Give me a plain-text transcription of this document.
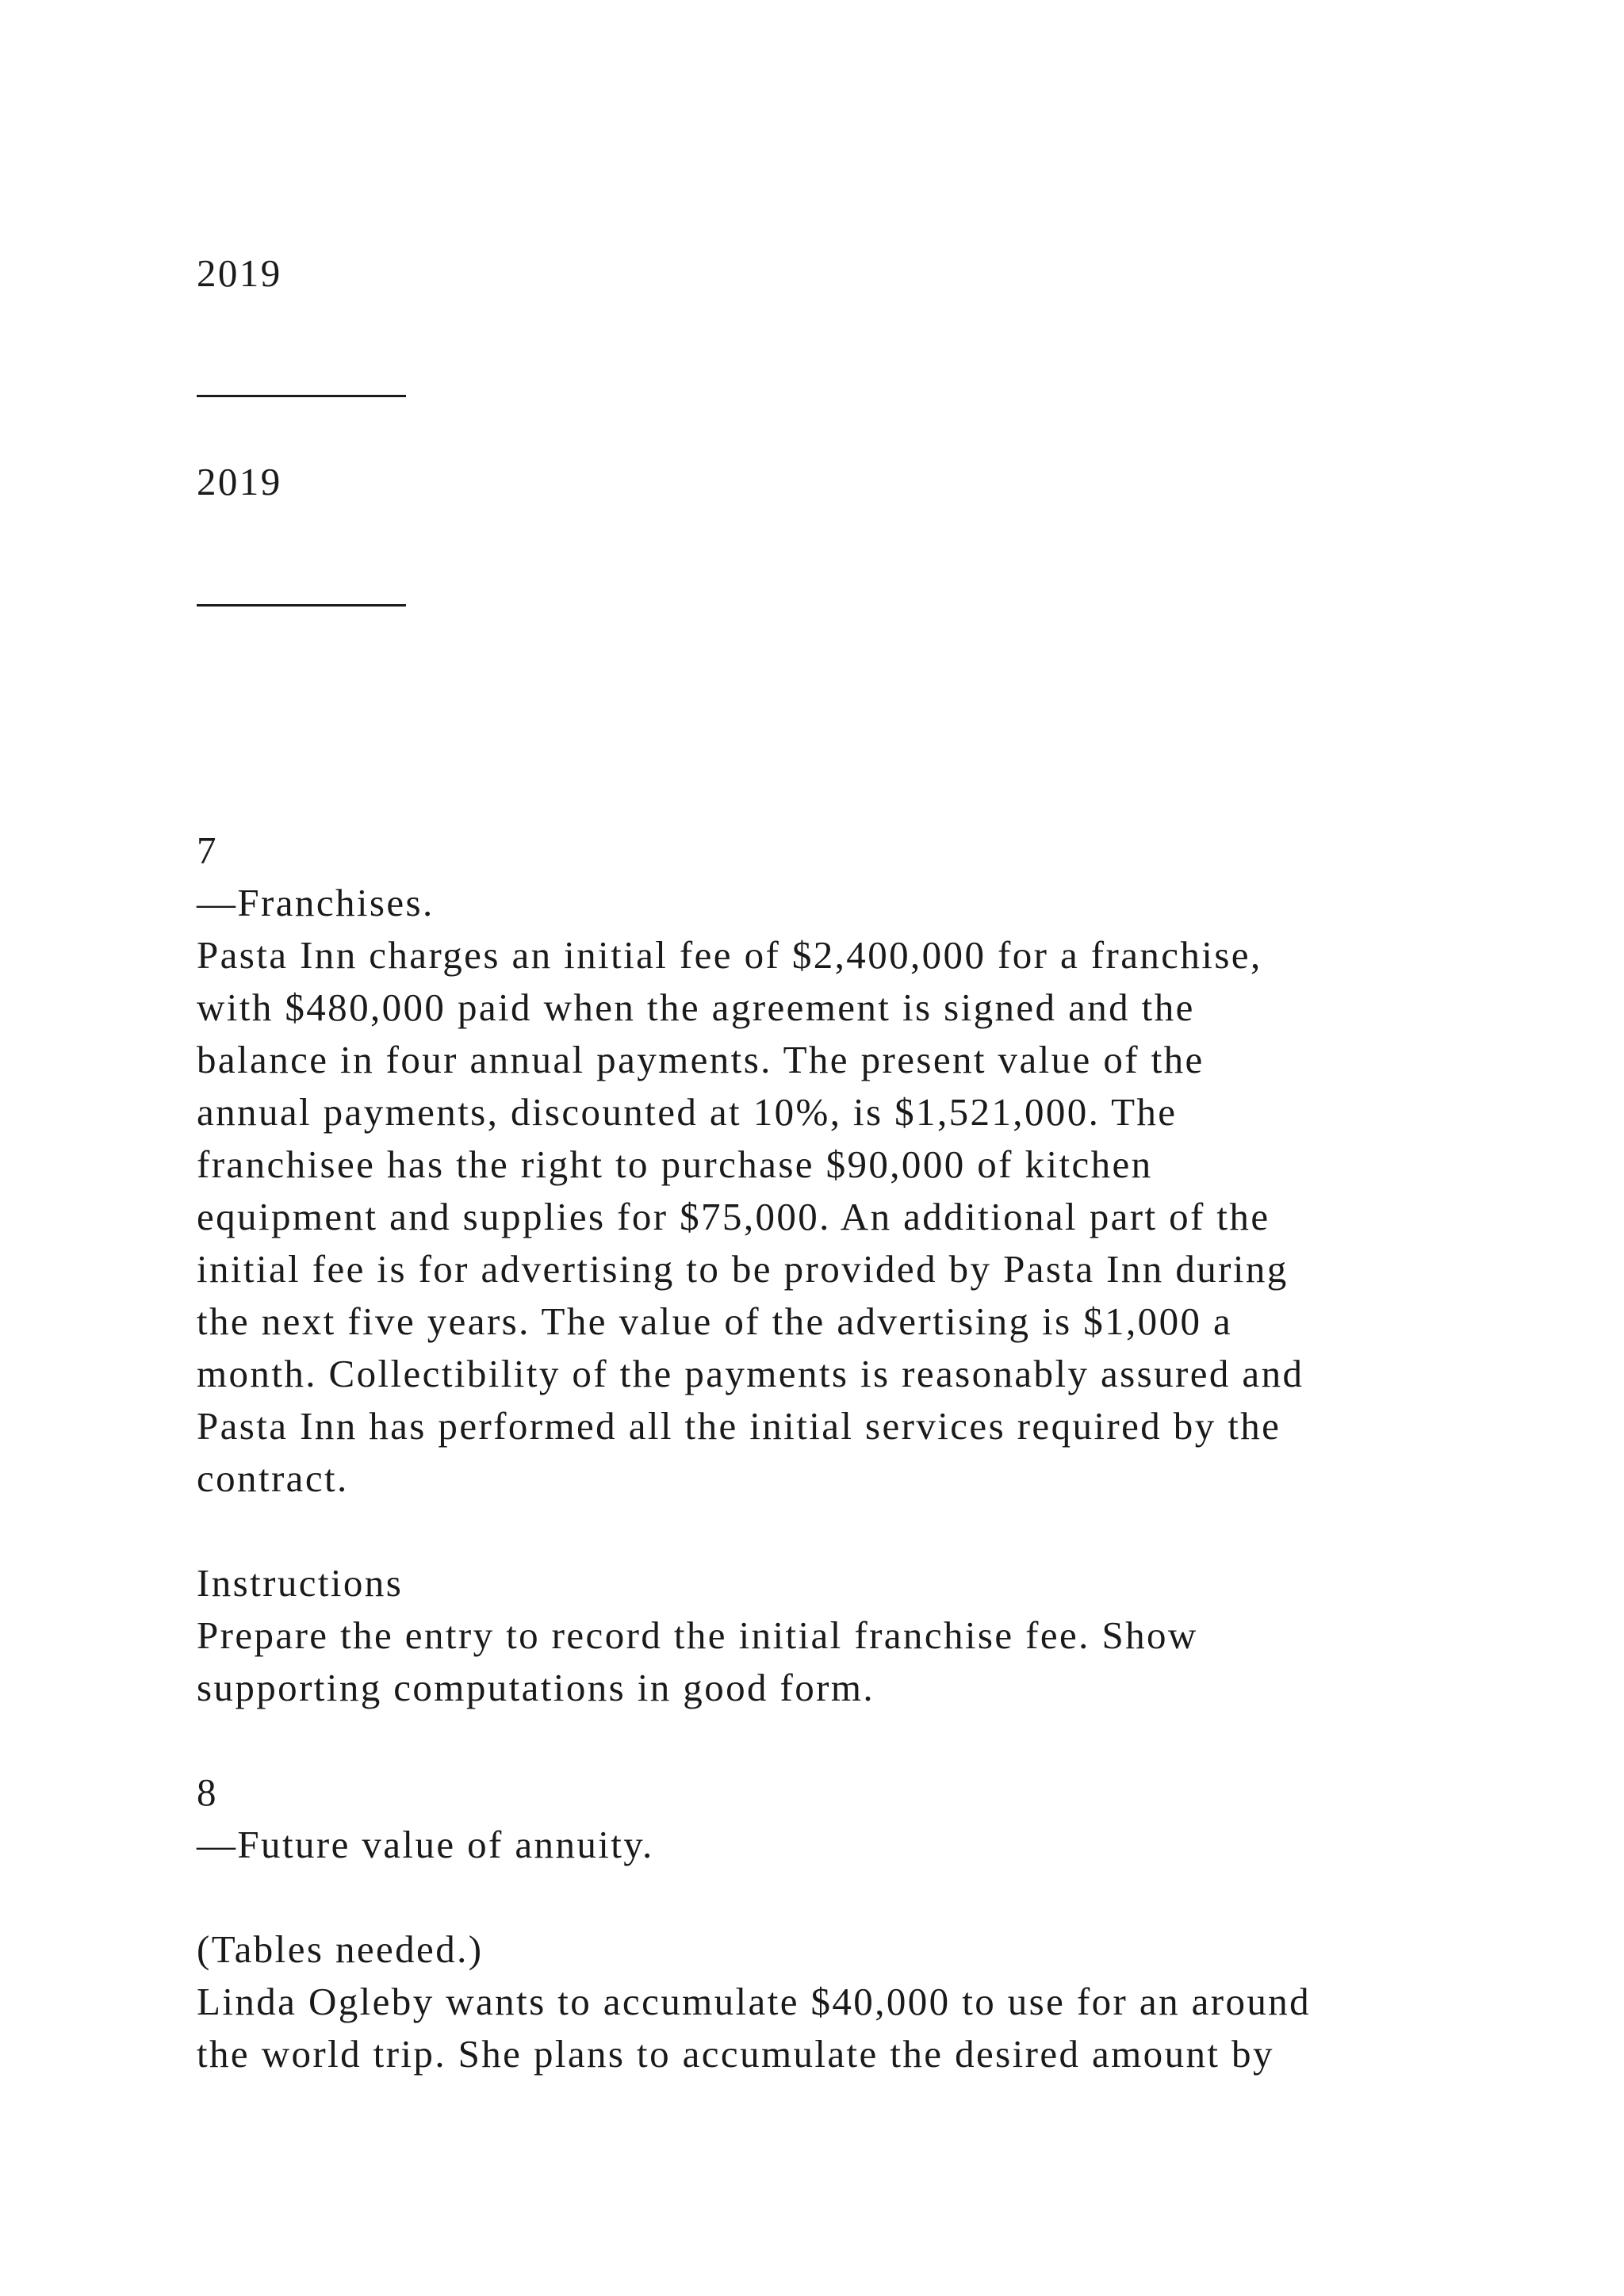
2019

2019

7

—Franchises.

Pasta Inn charges an initial fee of $2,400,000 for a franchise,

with $480,000 paid when the agreement is signed and the

balance in four annual payments. The present value of the

annual payments, discounted at 10%, is $1,521,000. The

franchisee has the right to purchase $90,000 of kitchen

equipment and supplies for $75,000. An additional part of the

initial fee is for advertising to be provided by Pasta Inn during

the next five years. The value of the advertising is $1,000 a

month. Collectibility of the payments is reasonably assured and

Pasta Inn has performed all the initial services required by the

contract.

Instructions

Prepare the entry to record the initial franchise fee. Show

supporting computations in good form.

8

—Future value of annuity.

(Tables needed.)

Linda Ogleby wants to accumulate $40,000 to use for an around

the world trip. She plans to accumulate the desired amount by
